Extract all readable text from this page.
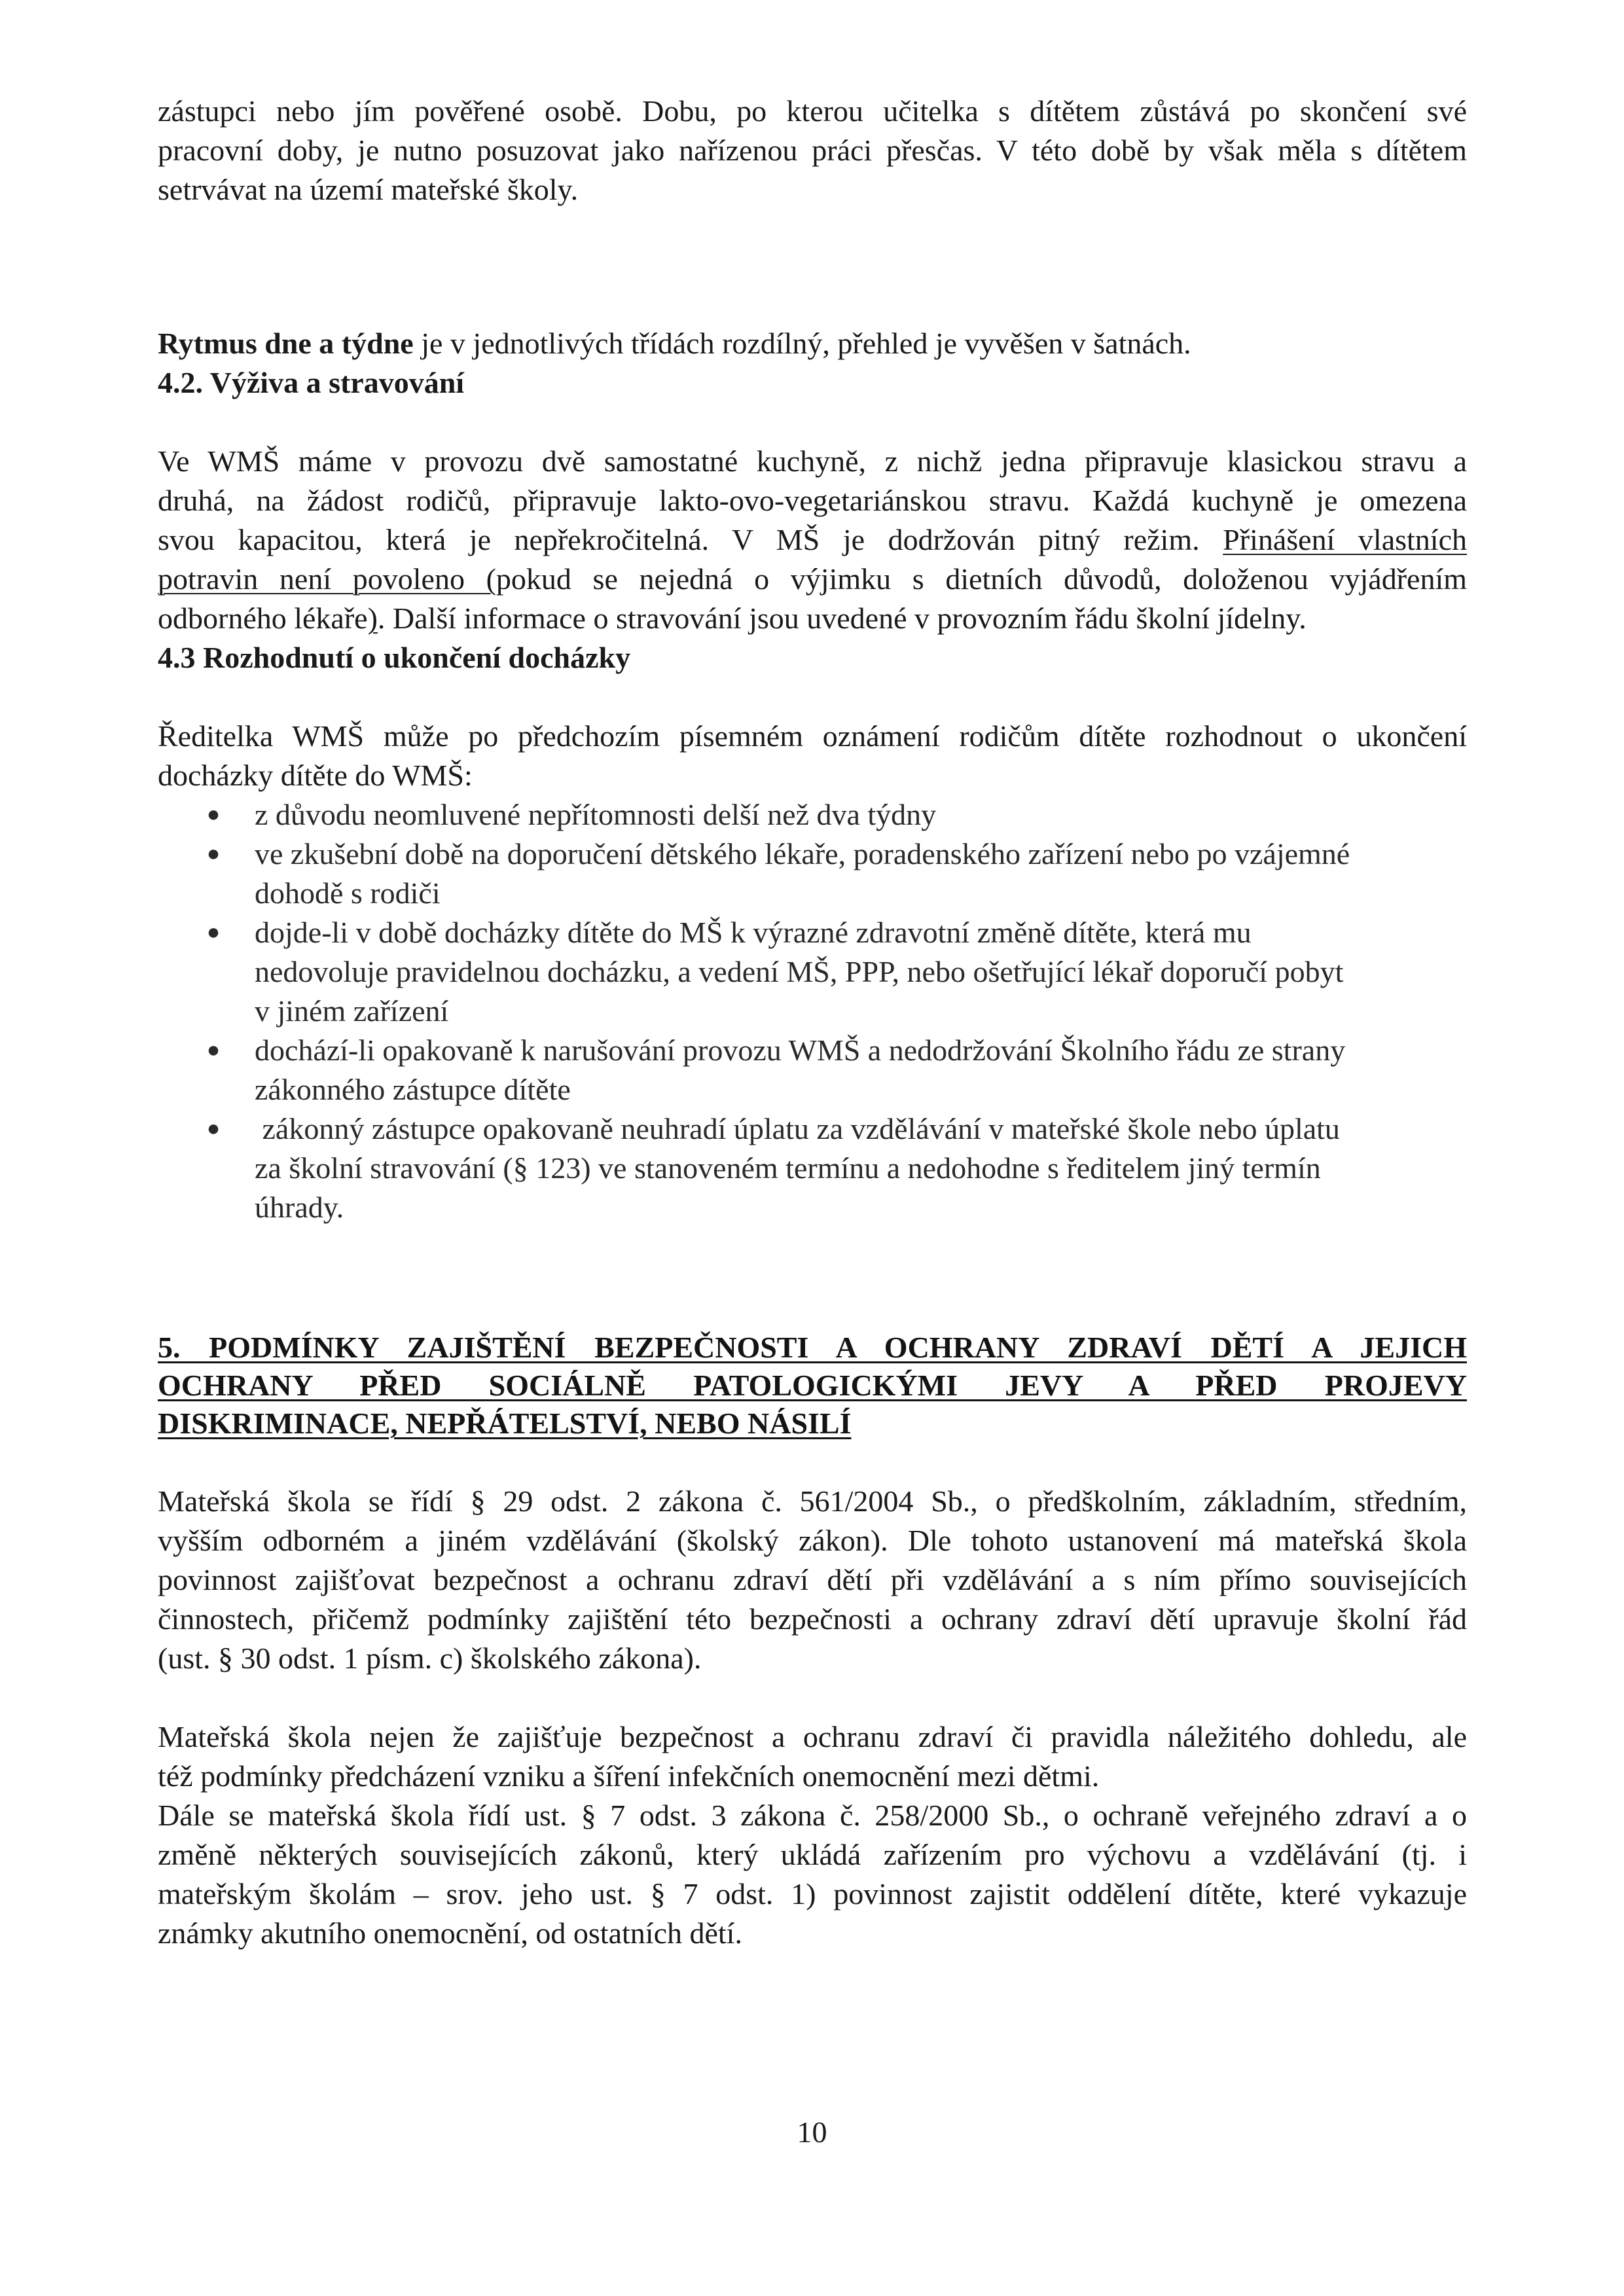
zástupci nebo jím pověřené osobě. Dobu, po kterou učitelka s dítětem zůstává po skončení své
pracovní doby, je nutno posuzovat jako nařízenou práci přesčas. V této době by však měla s dítětem
setrvávat na území mateřské školy.

Rytmus dne a týdne je v jednotlivých třídách rozdílný, přehled je vyvěšen v šatnách.

4.2. Výživa a stravování

Ve WMŠ máme v provozu dvě samostatné kuchyně, z nichž jedna připravuje klasickou stravu a
druhá, na žádost rodičů, připravuje lakto-ovo-vegetariánskou stravu. Každá kuchyně je omezena
svou kapacitou, která je nepřekročitelná. V MŠ je dodržován pitný režim. Přinášení vlastních
potravin není povoleno (pokud se nejedná o výjimku s dietních důvodů, doloženou vyjádřením
odborného lékaře). Další informace o stravování jsou uvedené v provozním řádu školní jídelny.

4.3 Rozhodnutí o ukončení docházky

Ředitelka WMŠ může po předchozím písemném oznámení rodičům dítěte rozhodnout o ukončení
docházky dítěte do WMŠ:

● z důvodu neomluvené nepřítomnosti delší než dva týdny
● ve zkušební době na doporučení dětského lékaře, poradenského zařízení nebo po vzájemné
dohodě s rodiči
● dojde-li v době docházky dítěte do MŠ k výrazné zdravotní změně dítěte, která mu
nedovoluje pravidelnou docházku, a vedení MŠ, PPP, nebo ošetřující lékař doporučí pobyt
v jiném zařízení
● dochází-li opakovaně k narušování provozu WMŠ a nedodržování Školního řádu ze strany
zákonného zástupce dítěte
● zákonný zástupce opakovaně neuhradí úplatu za vzdělávání v mateřské škole nebo úplatu
za školní stravování (§ 123) ve stanoveném termínu a nedohodne s ředitelem jiný termín
úhrady.

5. PODMÍNKY ZAJIŠTĚNÍ BEZPEČNOSTI A OCHRANY ZDRAVÍ DĚTÍ A JEJICH

OCHRANY PŘED SOCIÁLNĚ PATOLOGICKÝMI JEVY A PŘED PROJEVY

DISKRIMINACE, NEPŘÁTELSTVÍ, NEBO NÁSILÍ

Mateřská škola se řídí § 29 odst. 2 zákona č. 561/2004 Sb., o předškolním, základním, středním,
vyšším odborném a jiném vzdělávání (školský zákon). Dle tohoto ustanovení má mateřská škola
povinnost zajišťovat bezpečnost a ochranu zdraví dětí při vzdělávání a s ním přímo souvisejících
činnostech, přičemž podmínky zajištění této bezpečnosti a ochrany zdraví dětí upravuje školní řád
(ust. § 30 odst. 1 písm. c) školského zákona).

Mateřská škola nejen že zajišťuje bezpečnost a ochranu zdraví či pravidla náležitého dohledu, ale
též podmínky předcházení vzniku a šíření infekčních onemocnění mezi dětmi.
Dále se mateřská škola řídí ust. § 7 odst. 3 zákona č. 258/2000 Sb., o ochraně veřejného zdraví a o
změně některých souvisejících zákonů, který ukládá zařízením pro výchovu a vzdělávání (tj. i
mateřským školám – srov. jeho ust. § 7 odst. 1) povinnost zajistit oddělení dítěte, které vykazuje
známky akutního onemocnění, od ostatních dětí.

10
